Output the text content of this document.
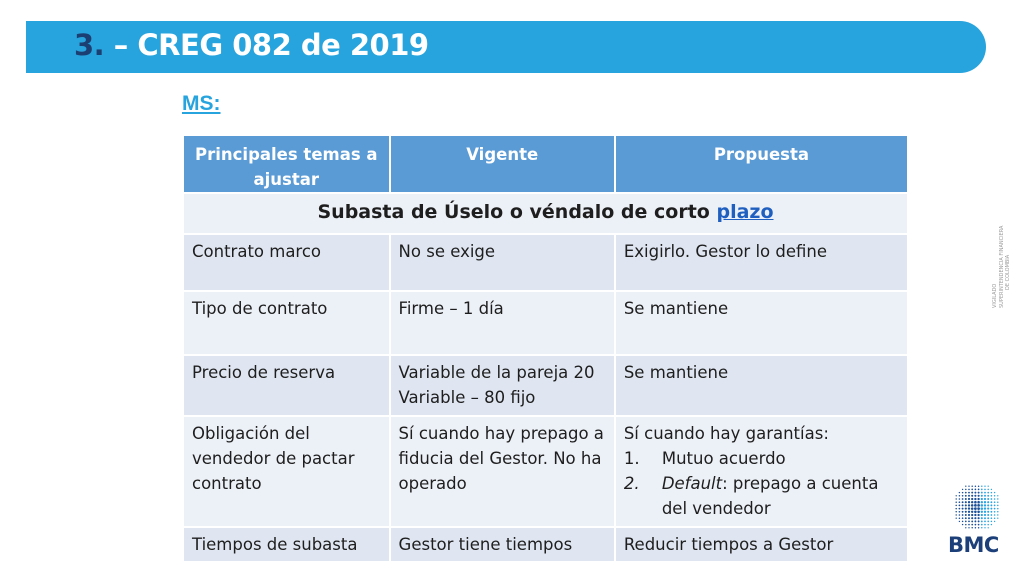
3. – CREG 082 de 2019
MS:
Principales temas a ajustar	Vigente	Propuesta
Subasta de Úselo o véndalo de corto plazo		
Contrato marco	No se exige	Exigirlo. Gestor lo define
Tipo de contrato	Firme – 1 día	Se mantiene
Precio de reserva	Variable de la pareja 20 Variable – 80 fijo	Se mantiene
Obligación del vendedor de pactar contrato	Sí cuando hay prepago a fiducia del Gestor. No ha operado	Sí cuando hay garantías:
1. Mutuo acuerdo
2. Default: prepago a cuenta del vendedor

Tiempos de subasta	Gestor tiene tiempos	Reducir tiempos a Gestor
VIGILADO SUPERINTENDENCIA FINANCIERA DE COLOMBIA
BMC
